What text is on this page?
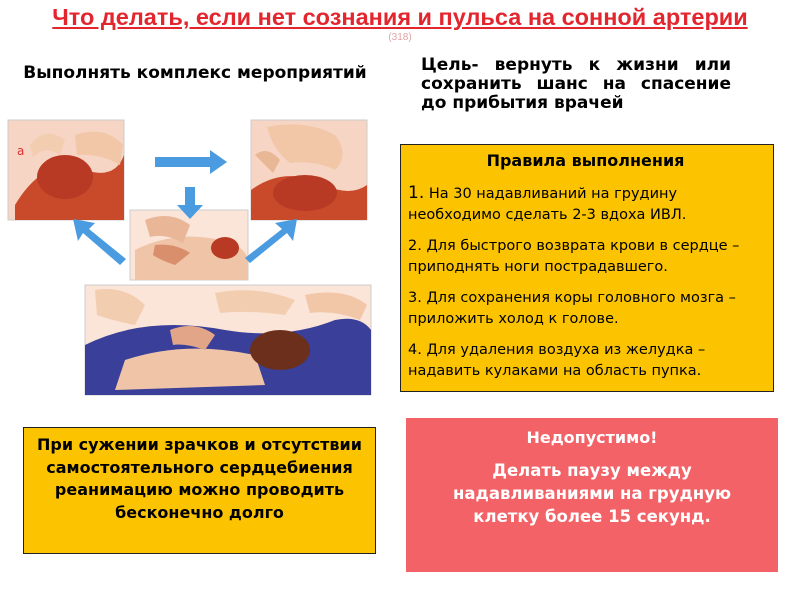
Что делать, если нет сознания и пульса на сонной артерии
(318)
Выполнять комплекс мероприятий	Цель- вернуть к жизни или сохранить шанс на спасение до прибытия врачей
a	Правила выполнения
1. На 30 надавливаний на грудину необходимо сделать 2-3 вдоха ИВЛ.
2. Для быстрого возврата крови в сердце – приподнять ноги пострадавшего.
3. Для сохранения коры головного мозга – приложить холод к голове.
4. Для удаления воздуха из желудка – надавить кулаками на область пупка.
При сужении зрачков и отсутствии самостоятельного сердцебиения реанимацию можно проводить бесконечно долго
Недопустимо!
Делать паузу между надавливаниями на грудную клетку более 15 секунд.
